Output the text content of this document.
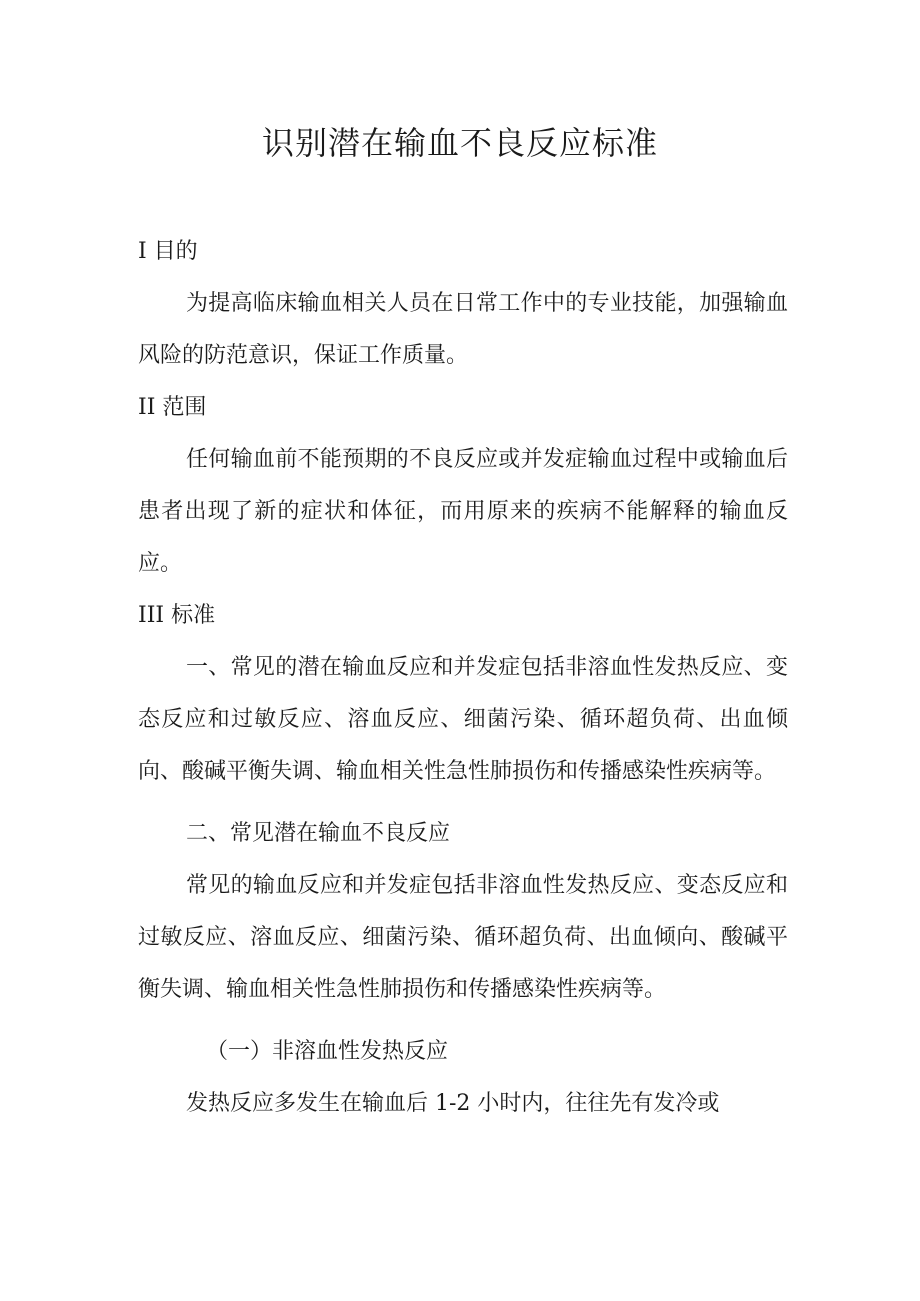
识别潜在输血不良反应标准

I 目的

为提高临床输血相关人员在日常工作中的专业技能，加强输血风险的防范意识，保证工作质量。

II 范围

任何输血前不能预期的不良反应或并发症输血过程中或输血后患者出现了新的症状和体征，而用原来的疾病不能解释的输血反应。

III 标准

一、常见的潜在输血反应和并发症包括非溶血性发热反应、变态反应和过敏反应、溶血反应、细菌污染、循环超负荷、出血倾向、酸碱平衡失调、输血相关性急性肺损伤和传播感染性疾病等。

二、常见潜在输血不良反应

常见的输血反应和并发症包括非溶血性发热反应、变态反应和过敏反应、溶血反应、细菌污染、循环超负荷、出血倾向、酸碱平衡失调、输血相关性急性肺损伤和传播感染性疾病等。

（一）非溶血性发热反应

发热反应多发生在输血后 1-2 小时内，往往先有发冷或
